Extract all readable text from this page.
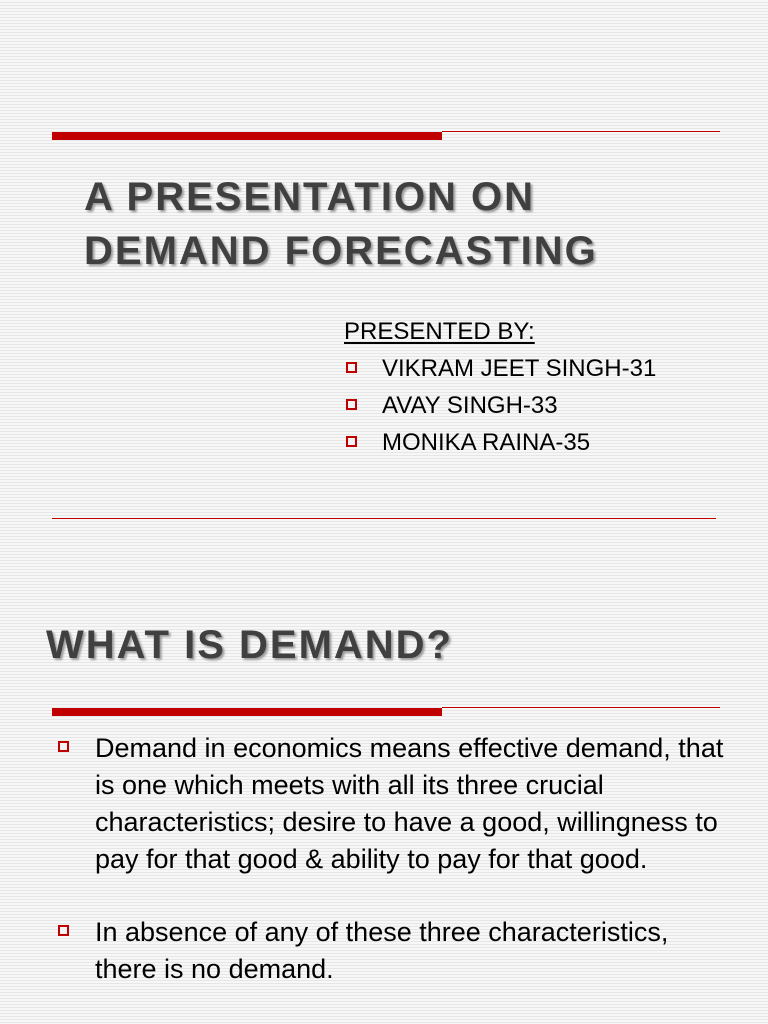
A PRESENTATION ON
DEMAND FORECASTING
PRESENTED BY:
VIKRAM JEET SINGH-31
AVAY SINGH-33
MONIKA RAINA-35
WHAT IS DEMAND?
Demand in economics means effective demand, that is one which meets with all its three crucial characteristics; desire to have a good, willingness to pay for that good & ability to pay for that good.
In absence of any of these three characteristics, there is no demand.
